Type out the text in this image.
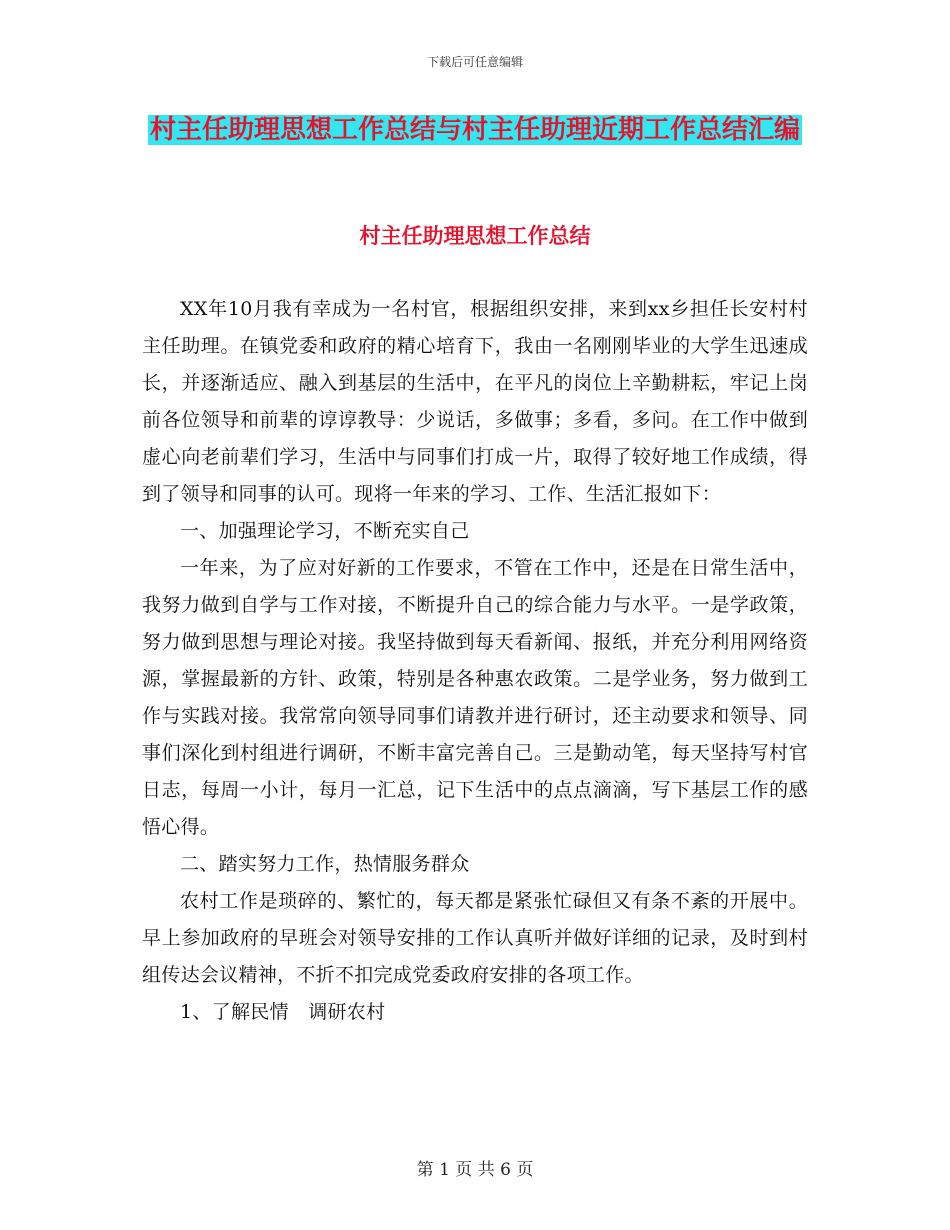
下载后可任意编辑
村主任助理思想工作总结与村主任助理近期工作总结汇编
村主任助理思想工作总结

XX年10月我有幸成为一名村官，根据组织安排，来到xx乡担任长安村村主任助理。在镇党委和政府的精心培育下，我由一名刚刚毕业的大学生迅速成长，并逐渐适应、融入到基层的生活中，在平凡的岗位上辛勤耕耘，牢记上岗前各位领导和前辈的谆谆教导：少说话，多做事；多看，多问。在工作中做到虚心向老前辈们学习，生活中与同事们打成一片，取得了较好地工作成绩，得到了领导和同事的认可。现将一年来的学习、工作、生活汇报如下：

一、加强理论学习，不断充实自己

一年来，为了应对好新的工作要求，不管在工作中，还是在日常生活中，我努力做到自学与工作对接，不断提升自己的综合能力与水平。一是学政策，努力做到思想与理论对接。我坚持做到每天看新闻、报纸，并充分利用网络资源，掌握最新的方针、政策，特别是各种惠农政策。二是学业务，努力做到工作与实践对接。我常常向领导同事们请教并进行研讨，还主动要求和领导、同事们深化到村组进行调研，不断丰富完善自己。三是勤动笔，每天坚持写村官日志，每周一小计，每月一汇总，记下生活中的点点滴滴，写下基层工作的感悟心得。

二、踏实努力工作，热情服务群众

农村工作是琐碎的、繁忙的，每天都是紧张忙碌但又有条不紊的开展中。早上参加政府的早班会对领导安排的工作认真听并做好详细的记录，及时到村组传达会议精神，不折不扣完成党委政府安排的各项工作。

1、了解民情　调研农村

第 1 页 共 6 页
